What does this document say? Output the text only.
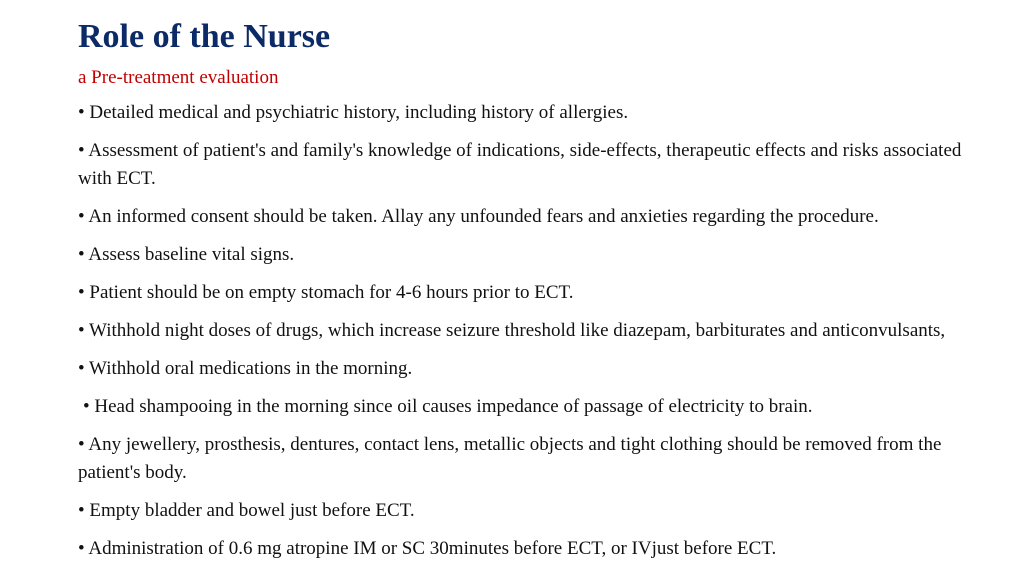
Role of the Nurse

a Pre-treatment evaluation

• Detailed medical and psychiatric history, including history of allergies.
• Assessment of patient's and family's knowledge of indications, side-effects, therapeutic effects and risks associated with ECT.
• An informed consent should be taken. Allay any unfounded fears and anxieties regarding the procedure.
• Assess baseline vital signs.
• Patient should be on empty stomach for 4-6 hours prior to ECT.
• Withhold night doses of drugs, which increase seizure threshold like diazepam, barbiturates and anticonvulsants,
• Withhold oral medications in the morning.
• Head shampooing in the morning since oil causes impedance of passage of electricity to brain.
• Any jewellery, prosthesis, dentures, contact lens, metallic objects and tight clothing should be removed from the patient's body.
• Empty bladder and bowel just before ECT.
• Administration of 0.6 mg atropine IM or SC 30minutes before ECT, or IVjust before ECT.
